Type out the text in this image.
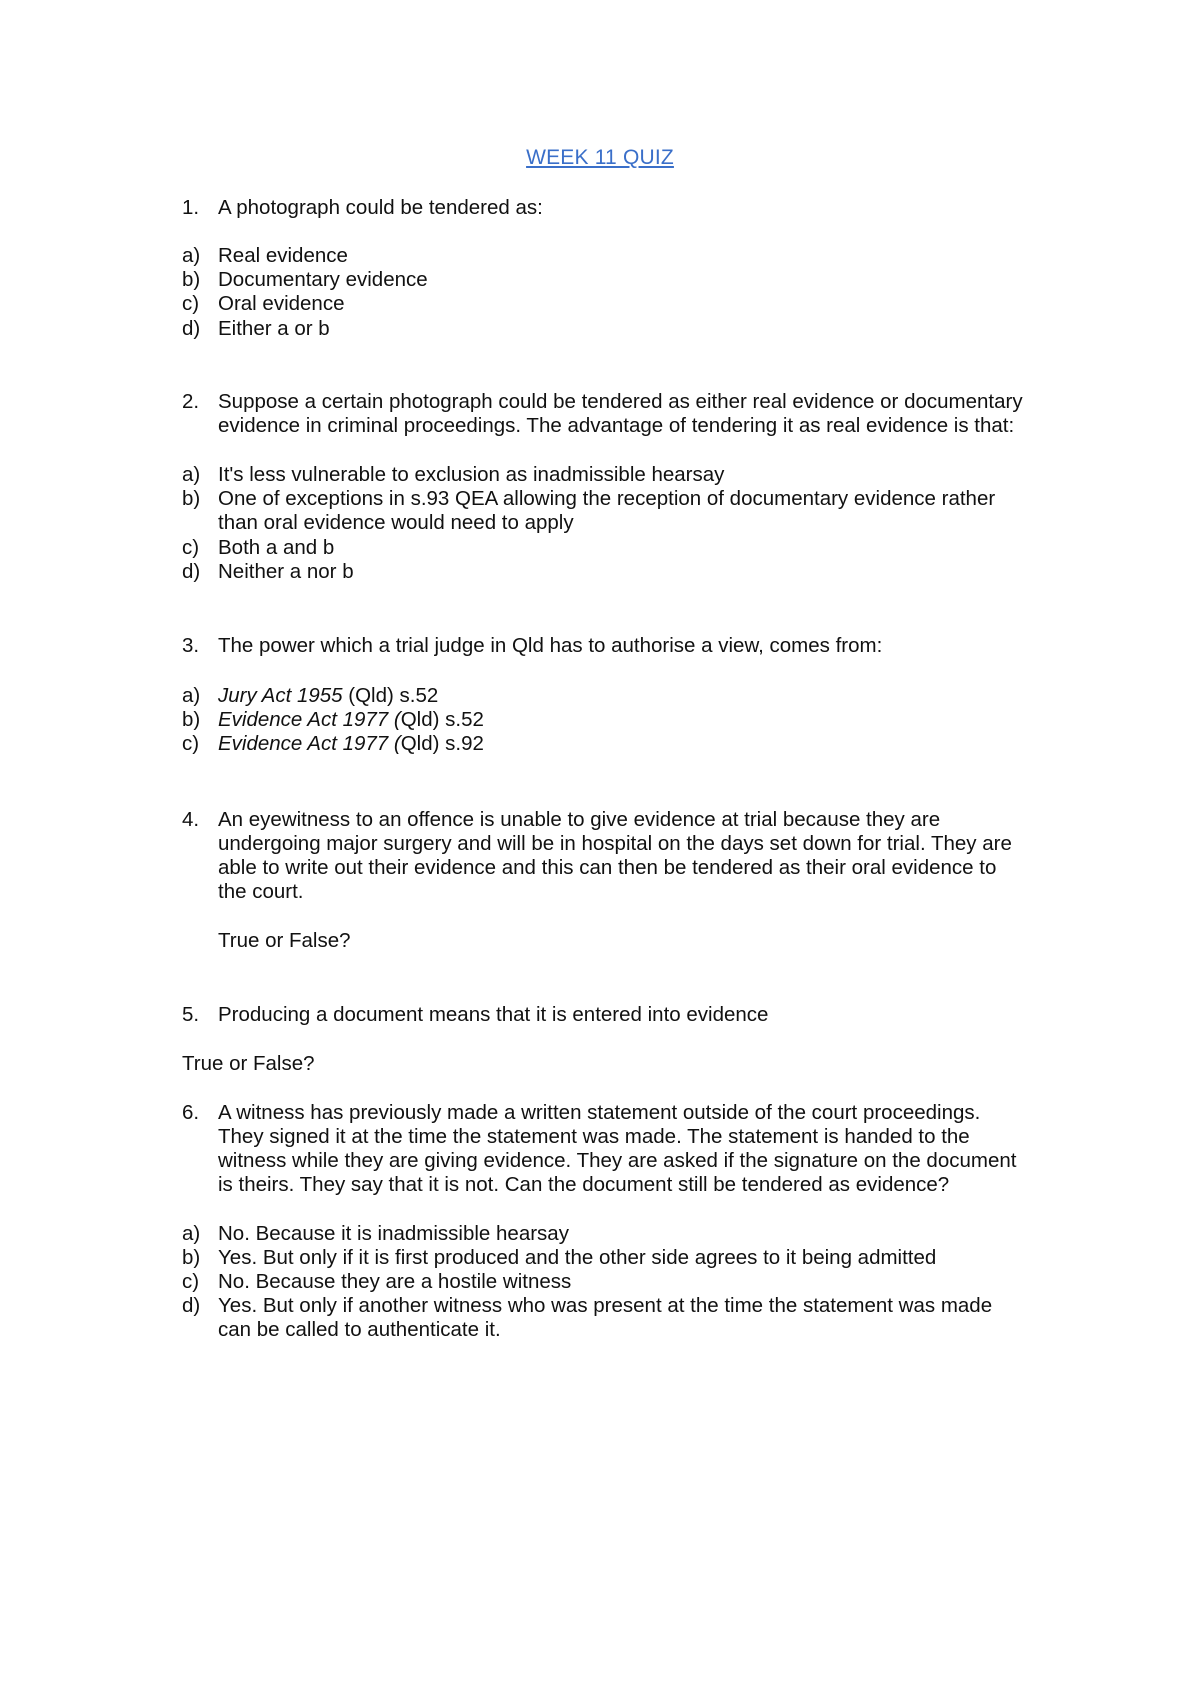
WEEK 11 QUIZ
1. A photograph could be tendered as:
a) Real evidence
b) Documentary evidence
c) Oral evidence
d) Either a or b
2. Suppose a certain photograph could be tendered as either real evidence or documentary
evidence in criminal proceedings. The advantage of tendering it as real evidence is that:
a) It's less vulnerable to exclusion as inadmissible hearsay
b) One of exceptions in s.93 QEA allowing the reception of documentary evidence rather
than oral evidence would need to apply
c) Both a and b
d) Neither a nor b
3. The power which a trial judge in Qld has to authorise a view, comes from:
a) Jury Act 1955 (Qld) s.52
b) Evidence Act 1977 (Qld) s.52
c) Evidence Act 1977 (Qld) s.92
4. An eyewitness to an offence is unable to give evidence at trial because they are
undergoing major surgery and will be in hospital on the days set down for trial. They are
able to write out their evidence and this can then be tendered as their oral evidence to
the court.
True or False?
5. Producing a document means that it is entered into evidence
True or False?
6. A witness has previously made a written statement outside of the court proceedings.
They signed it at the time the statement was made. The statement is handed to the
witness while they are giving evidence. They are asked if the signature on the document
is theirs. They say that it is not. Can the document still be tendered as evidence?
a) No. Because it is inadmissible hearsay
b) Yes. But only if it is first produced and the other side agrees to it being admitted
c) No. Because they are a hostile witness
d) Yes. But only if another witness who was present at the time the statement was made
can be called to authenticate it.
